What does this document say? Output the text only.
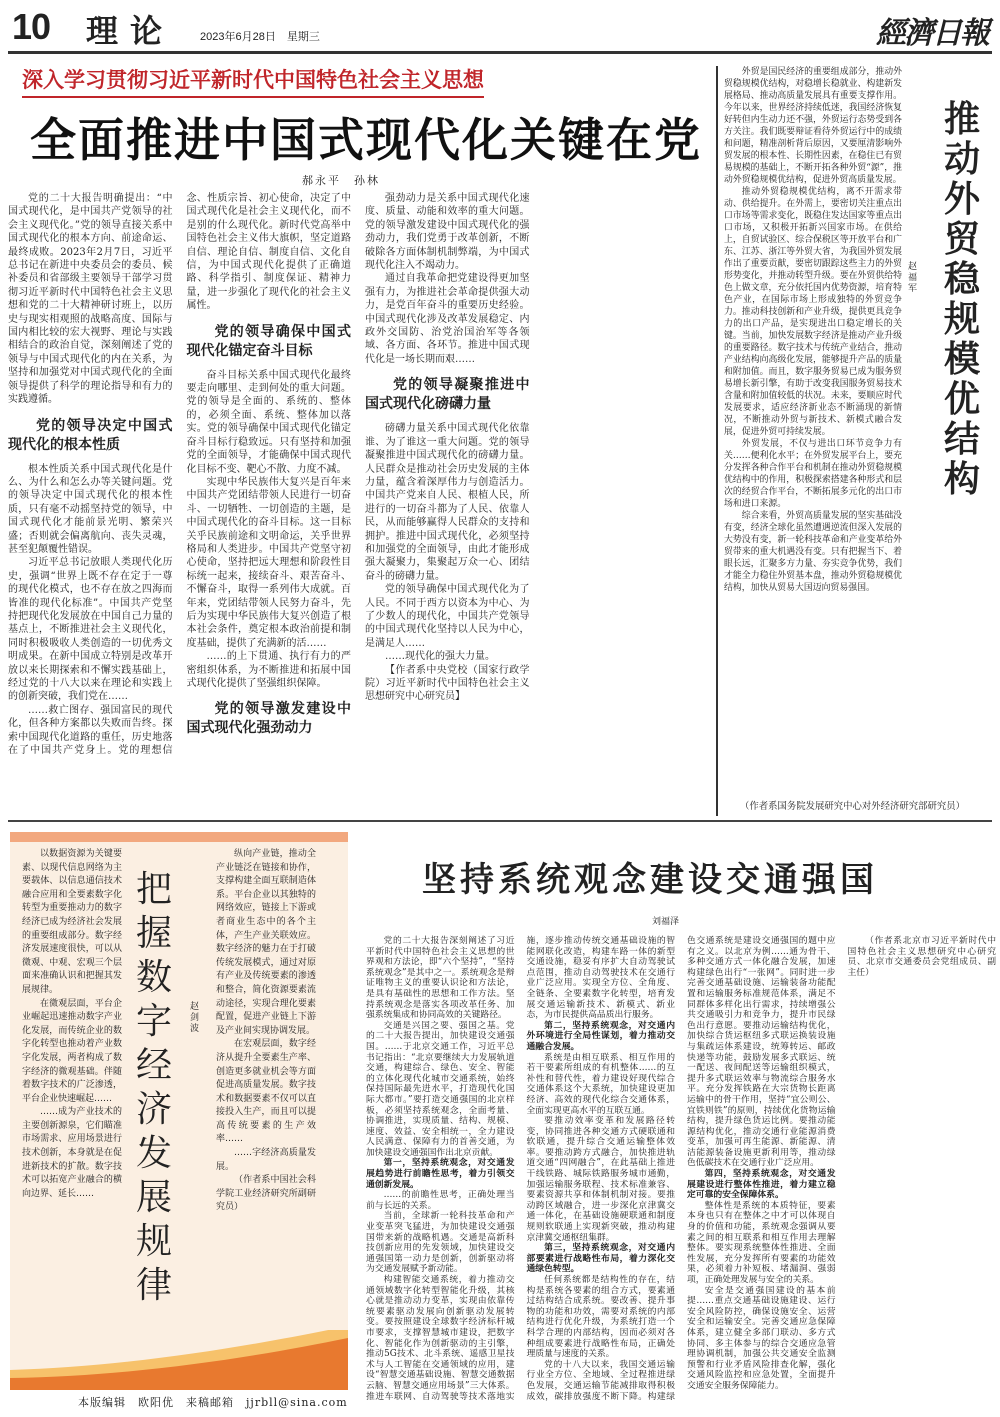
10 理论 2023年6月28日　星期三	經濟日報
深入学习贯彻习近平新时代中国特色社会主义思想
全面推进中国式现代化关键在党
郝永平　孙林

党的二十大报告明确提出：“中国式现代化，是中国共产党领导的社会主义现代化。”党的领导直接关系中国式现代化的根本方向、前途命运、最终成败。2023年2月7日，习近平总书记在新进中央委员会的委员、候补委员和省部级主要领导干部学习贯彻习近平新时代中国特色社会主义思想和党的二十大精神研讨班上，以历史与现实相观照的战略高度、国际与国内相比较的宏大视野、理论与实践相结合的政治自觉，深刻阐述了党的领导与中国式现代化的内在关系，为坚持和加强党对中国式现代化的全面领导提供了科学的理论指导和有力的实践遵循。

党的领导决定中国式现代化的根本性质

根本性质关系中国式现代化是什么、为什么和怎么办等关键问题。党的领导决定中国式现代化的根本性质，只有毫不动摇坚持党的领导，中国式现代化才能前景光明、繁荣兴盛；否则就会偏离航向、丧失灵魂，甚至犯颠覆性错误。

习近平总书记放眼人类现代化历史，强调“世界上既不存在定于一尊的现代化模式，也不存在放之四海而皆准的现代化标准”。中国共产党坚持把现代化发展放在中国自己力量的基点上，不断推进社会主义现代化，同时积极吸收人类创造的一切优秀文明成果。在新中国成立特别是改革开放以来长期探索和不懈实践基础上，经过党的十八大以来在理论和实践上的创新突破，我们党在……

……救亡图存、强国富民的现代化，但各种方案都以失败而告终。探索中国现代化道路的重任，历史地落在了中国共产党身上。党的理想信念、性质宗旨、初心使命，决定了中国式现代化是社会主义现代化，而不是别的什么现代化。新时代党高举中国特色社会主义伟大旗帜，坚定道路自信、理论自信、制度自信、文化自信，为中国式现代化提供了正确道路、科学指引、制度保证、精神力量，进一步强化了现代化的社会主义属性。

党的领导确保中国式现代化锚定奋斗目标

奋斗目标关系中国式现代化最终要走向哪里、走到何处的重大问题。党的领导是全面的、系统的、整体的，必须全面、系统、整体加以落实。党的领导确保中国式现代化锚定奋斗目标行稳致远。只有坚持和加强党的全面领导，才能确保中国式现代化目标不变、靶心不散、力度不减。

实现中华民族伟大复兴是百年来中国共产党团结带领人民进行一切奋斗、一切牺牲、一切创造的主题，是中国式现代化的奋斗目标。这一目标关乎民族前途和文明命运，关乎世界格局和人类进步。中国共产党坚守初心使命，坚持把远大理想和阶段性目标统一起来，接续奋斗、艰苦奋斗、不懈奋斗，取得一系列伟大成就。百年来，党团结带领人民努力奋斗，先后为实现中华民族伟大复兴创造了根本社会条件，奠定根本政治前提和制度基础，提供了充满新的活……

……的上下贯通、执行有力的严密组织体系，为不断推进和拓展中国式现代化提供了坚强组织保障。

党的领导激发建设中国式现代化强劲动力

强劲动力是关系中国式现代化速度、质量、动能和效率的重大问题。党的领导激发建设中国式现代化的强劲动力，我们党勇于改革创新，不断破除各方面体制机制弊端，为中国式现代化注入不竭动力。

通过自我革命把党建设得更加坚强有力，为推进社会革命提供强大动力，是党百年奋斗的重要历史经验。中国式现代化涉及改革发展稳定、内政外交国防、治党治国治军等各领域、各方面、各环节。推进中国式现代化是一场长期而艰……

党的领导凝聚推进中国式现代化磅礴力量

磅礴力量关系中国式现代化依靠谁、为了谁这一重大问题。党的领导凝聚推进中国式现代化的磅礴力量。人民群众是推动社会历史发展的主体力量，蕴含着深厚伟力与创造活力。中国共产党来自人民、根植人民，所进行的一切奋斗都为了人民、依靠人民，从而能够赢得人民群众的支持和拥护。推进中国式现代化，必须坚持和加强党的全面领导，由此才能形成强大凝聚力，集聚起万众一心、团结奋斗的磅礴力量。

党的领导确保中国式现代化为了人民。不同于西方以资本为中心、为了少数人的现代化，中国共产党领导的中国式现代化坚持以人民为中心，是满足人……

……现代化的强大力量。

【作者系中央党校（国家行政学院）习近平新时代中国特色社会主义思想研究中心研究员】

外贸是国民经济的重要组成部分，推动外贸稳规模优结构，对稳增长稳就业、构建新发展格局、推动高质量发展具有重要支撑作用。今年以来，世界经济持续低迷，我国经济恢复好转但内生动力还不强，外贸运行态势受到各方关注。我们既要辩证看待外贸运行中的成绩和问题，精准剖析背后原因，又要厘清影响外贸发展的根本性、长期性因素，在稳住已有贸易规模的基础上，不断开拓各种外贸“源”，推动外贸稳规模优结构，促进外贸高质量发展。

推动外贸稳规模优结构，离不开需求带动、供给提升。在外需上，要密切关注重点出口市场等需求变化，既稳住发达国家等重点出口市场，又积极开拓新兴国家市场。在供给上，自贸试验区、综合保税区等开放平台和广东、江苏、浙江等外贸大省，为我国外贸发展作出了重要贡献，要密切跟踪这些主力的外贸形势变化，并推动转型升级。要在外贸供给特色上做文章，充分依托国内优势资源，培育特色产业，在国际市场上形成独特的外贸竞争力。推动科技创新和产业升级，提供更具竞争力的出口产品，是实现进出口稳定增长的关键。当前，加快发展数字经济是推动产业升级的重要路径。数字技术与传统产业结合，推动产业结构向高级化发展，能够提升产品的质量和附加值。而且，数字服务贸易已成为服务贸易增长新引擎，有助于改变我国服务贸易技术含量和附加值较低的状况。未来，要顺应时代发展要求，适应经济新业态不断涌现的新情况，不断推动外贸与新技术、新模式融合发展，促进外贸可持续发展。

外贸发展，不仅与进出口环节竞争力有关……便利化水平；在外贸发展平台上，要充分发挥各种合作平台和机制在推动外贸稳规模优结构中的作用，积极探索搭建各种形式和层次的经贸合作平台，不断拓展多元化的出口市场和进口来源。

综合来看，外贸高质量发展的坚实基础没有变，经济全球化虽然遭遇逆流但深入发展的大势没有变，新一轮科技革命和产业变革给外贸带来的重大机遇没有变。只有把握当下、着眼长远，汇聚多方力量、夯实竞争优势，我们才能全力稳住外贸基本盘，推动外贸稳规模优结构，加快从贸易大国迈向贸易强国。

推动外贸稳规模优结构
赵福军
（作者系国务院发展研究中心对外经济研究部研究员）

以数据资源为关键要素、以现代信息网络为主要载体、以信息通信技术融合应用和全要素数字化转型为重要推动力的数字经济已成为经济社会发展的重要组成部分。数字经济发展速度很快，可以从微观、中观、宏观三个层面来准确认识和把握其发展规律。

在微观层面，平台企业崛起迅速推动数字产业化发展，而传统企业的数字化转型也推动着产业数字化发展，两者构成了数字经济的微观基础。伴随着数字技术的广泛渗透，平台企业快速崛起……

……成为产业技术的主要创新源泉，它们瞄准市场需求、应用场景进行技术创新，本身就是在促进新技术的扩散。数字技术可以拓宽产业融合的横向边界、延长……

把握数字经济发展规律
赵剑波

纵向产业链，推动全产业链泛在链接和协作，支撑构建全面互联制造体系。平台企业以其独特的网络效应，链接上下游或者商业生态中的各个主体，产生产业关联效应。数字经济的魅力在于打破传统发展模式，通过对原有产业及传统要素的渗透和整合，简化资源要素流动途径，实现合理化要素配置，促进产业链上下游及产业间实现协调发展。

在宏观层面，数字经济从提升全要素生产率、创造更多就业机会等方面促进高质量发展。数字技术和数据要素不仅可以直接投入生产，而且可以提高传统要素的生产效率……

……字经济高质量发展。

（作者系中国社会科学院工业经济研究所副研究员）

本版编辑　欧阳优　来稿邮箱　jjrbll@sina.com
坚持系统观念建设交通强国
刘福泽

党的二十大报告深刻阐述了习近平新时代中国特色社会主义思想的世界观和方法论，即“六个坚持”，“坚持系统观念”是其中之一。系统观念是辩证唯物主义的重要认识论和方法论，是具有基础性的思想和工作方法。坚持系统观念是落实各项改革任务、加强系统集成和协同高效的关键路径。

交通是兴国之要、强国之基。党的二十大报告提出，加快建设交通强国。……于北京交通工作，习近平总书记指出：“北京要继续大力发展轨道交通，构建综合、绿色、安全、智能的立体化现代化城市交通系统，始终保持国际最先进水平，打造现代化国际大都市。”要打造交通强国的北京样板，必须坚持系统观念，全面考量、协调推进，实现质量、结构、规模、速度、效益、安全相统一，全力建设人民满意、保障有力的首善交通，为加快建设交通强国作出北京贡献。

第一，坚持系统观念，对交通发展趋势进行前瞻性思考，着力引领交通创新发展。

……的前瞻性思考，正确处理当前与长远的关系。

当前，全球新一轮科技革命和产业变革突飞猛进，为加快建设交通强国带来新的战略机遇。交通是高新科技创新应用的先发领域，加快建设交通强国第一动力是创新，创新驱动将为交通发展赋予新动能。

构建智能交通系统，着力推动交通领域数字化转型智能化升级，其核心就是推动动力变革，实现由依靠传统要素驱动发展向创新驱动发展转变。要按照建设全球数字经济标杆城市要求，支撑智慧城市建设，把数字化、智能化作为创新驱动的主引擎，推动5G技术、北斗系统、遥感卫星技术与人工智能在交通领域的应用，建设“智慧交通基础设施、智慧交通数据云脑、智慧交通应用场景”三大体系。推进车联网、自动驾驶等技术落地实施，逐步推动传统交通基础设施的智能网联化改造，构建车路一体的新型交通设施，稳妥有序扩大自动驾驶试点范围，推动自动驾驶技术在交通行业广泛应用。实现全方位、全角度、全链条、全要素数字化转型，培育发展交通运输新技术、新模式、新业态，为市民提供高品质出行服务。

第二，坚持系统观念，对交通内外环境进行全局性谋划，着力推动交通融合发展。

系统是由相互联系、相互作用的若干要素所组成的有机整体……的互补性和替代性，着力建设好现代综合交通体系这个大系统，加快建设更加经济、高效的现代化综合交通体系，全面实现更高水平的互联互通。

要推动效率变革和发展路径转变，协同推进各种交通方式硬联通和软联通，提升综合交通运输整体效率。要推动跨方式融合，加快推进轨道交通“四网融合”，在此基础上推进干线铁路、城际铁路服务城市通勤，加强运输服务联程、技术标准兼容、要素资源共享和体制机制对接。要推动跨区域融合，进一步深化京津冀交通一体化，在基础设施硬联通和制度规则软联通上实现新突破，推动构建京津冀交通枢纽集群。

第三，坚持系统观念，对交通内部要素进行战略性布局，着力深化交通绿色转型。

任何系统都是结构性的存在，结构是系统各要素的组合方式，要素通过结构结合成系统。要改善、提升事物的功能和功效，需要对系统的内部结构进行优化升级，为系统打造一个科学合理的内部结构，因而必须对各种组成要素进行战略性布局，正确处理质量与速度的关系。

党的十八大以来，我国交通运输行业全方位、全地域、全过程推进绿色发展，交通运输节能减排取得积极成效，碳排放强度不断下降。构建绿色交通系统是建设交通强国的题中应有之义。以北京为例……通为骨干、多种交通方式一体化融合发展，加速构建绿色出行“一张网”。同时进一步完善交通基础设施、运输装备功能配置和运输服务标准规范体系，满足不同群体多样化出行需求，持续增强公共交通吸引力和竞争力，提升市民绿色出行意愿。要推动运输结构优化，加快综合货运枢纽多式联运换装设施与集疏运体系建设，统筹转运、邮政快递等功能，鼓励发展多式联运、统一配送、夜间配送等运输组织模式，提升多式联运效率与物流综合服务水平。充分发挥铁路在大宗货物长距离运输中的骨干作用，坚持“宜公则公、宜铁则铁”的原则，持续优化货物运输结构，提升绿色货运比例。要推动能源结构优化，推动交通行业能源消费变革，加强可再生能源、新能源、清洁能源装备设施更新利用等，推动绿色低碳技术在交通行业广泛应用。

第四，坚持系统观念，对交通发展建设进行整体性推进，着力建立稳定可靠的安全保障体系。

整体性是系统的本质特征，要素本身也只有在整体之中才可以体现自身的价值和功能，系统观念强调从要素之间的相互联系和相互作用去理解整体。要实现系统整体性推进、全面性发展，充分发挥所有要素的功能效果，必须着力补短板、堵漏洞、强弱项，正确处理发展与安全的关系。

安全是交通强国建设的基本前提……重点交通基础设施建设、运行安全风险防控，确保设施安全、运营安全和运输安全。完善交通应急保障体系，建立健全多部门联动、多方式协同、多主体参与的综合交通应急管理协调机制，加强公共交通安全监测预警和行业矛盾风险排查化解，强化交通风险监控和应急处置，全面提升交通安全服务保障能力。

（作者系北京市习近平新时代中国特色社会主义思想研究中心研究员、北京市交通委员会党组成员、副主任）
